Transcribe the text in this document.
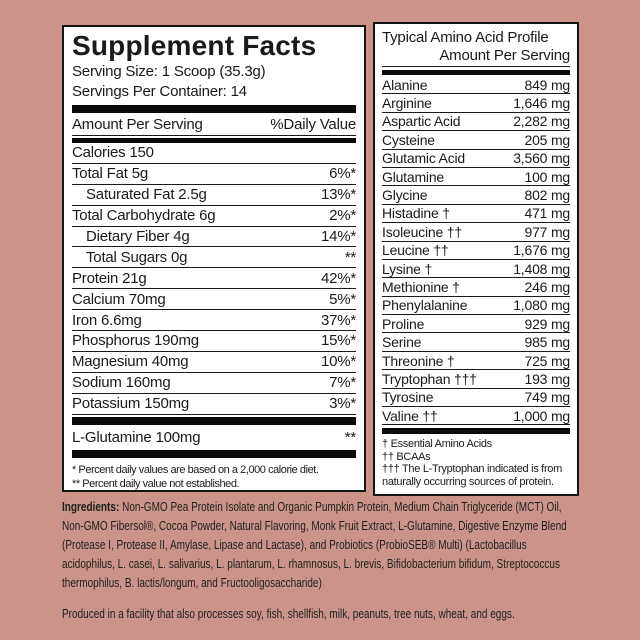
Supplement Facts
Serving Size: 1 Scoop (35.3g)
Servings Per Container: 14
Amount Per Serving	%Daily Value
Calories 150
Total Fat 5g	6%*
Saturated Fat 2.5g	13%*
Total Carbohydrate 6g	2%*
Dietary Fiber 4g	14%*
Total Sugars 0g	**
Protein 21g	42%*
Calcium 70mg	5%*
Iron 6.6mg	37%*
Phosphorus 190mg	15%*
Magnesium 40mg	10%*
Sodium 160mg	7%*
Potassium 150mg	3%*
L-Glutamine 100mg	**
* Percent daily values are based on a 2,000 calorie diet.
** Percent daily value not established.
Typical Amino Acid Profile
Amount Per Serving
Alanine	849 mg
Arginine	1,646 mg
Aspartic Acid	2,282 mg
Cysteine	205 mg
Glutamic Acid	3,560 mg
Glutamine	100 mg
Glycine	802 mg
Histadine †	471 mg
Isoleucine ††	977 mg
Leucine ††	1,676 mg
Lysine †	1,408 mg
Methionine †	246 mg
Phenylalanine	1,080 mg
Proline	929 mg
Serine	985 mg
Threonine †	725 mg
Tryptophan †††	193 mg
Tyrosine	749 mg
Valine ††	1,000 mg
† Essential Amino Acids
†† BCAAs
††† The L-Tryptophan indicated is from
naturally occurring sources of protein.
Ingredients: Non-GMO Pea Protein Isolate and Organic Pumpkin Protein, Medium Chain Triglyceride (MCT) Oil, Non-GMO Fibersol®, Cocoa Powder, Natural Flavoring, Monk Fruit Extract, L-Glutamine, Digestive Enzyme Blend (Protease I, Protease II, Amylase, Lipase and Lactase), and Probiotics (ProbioSEB® Multi) (Lactobacillus acidophilus, L. casei, L. salivarius, L. plantarum, L. rhamnosus, L. brevis, Bifidobacterium bifidum, Streptococcus thermophilus, B. lactis/longum, and Fructooligosaccharide)
Produced in a facility that also processes soy, fish, shellfish, milk, peanuts, tree nuts, wheat, and eggs.
